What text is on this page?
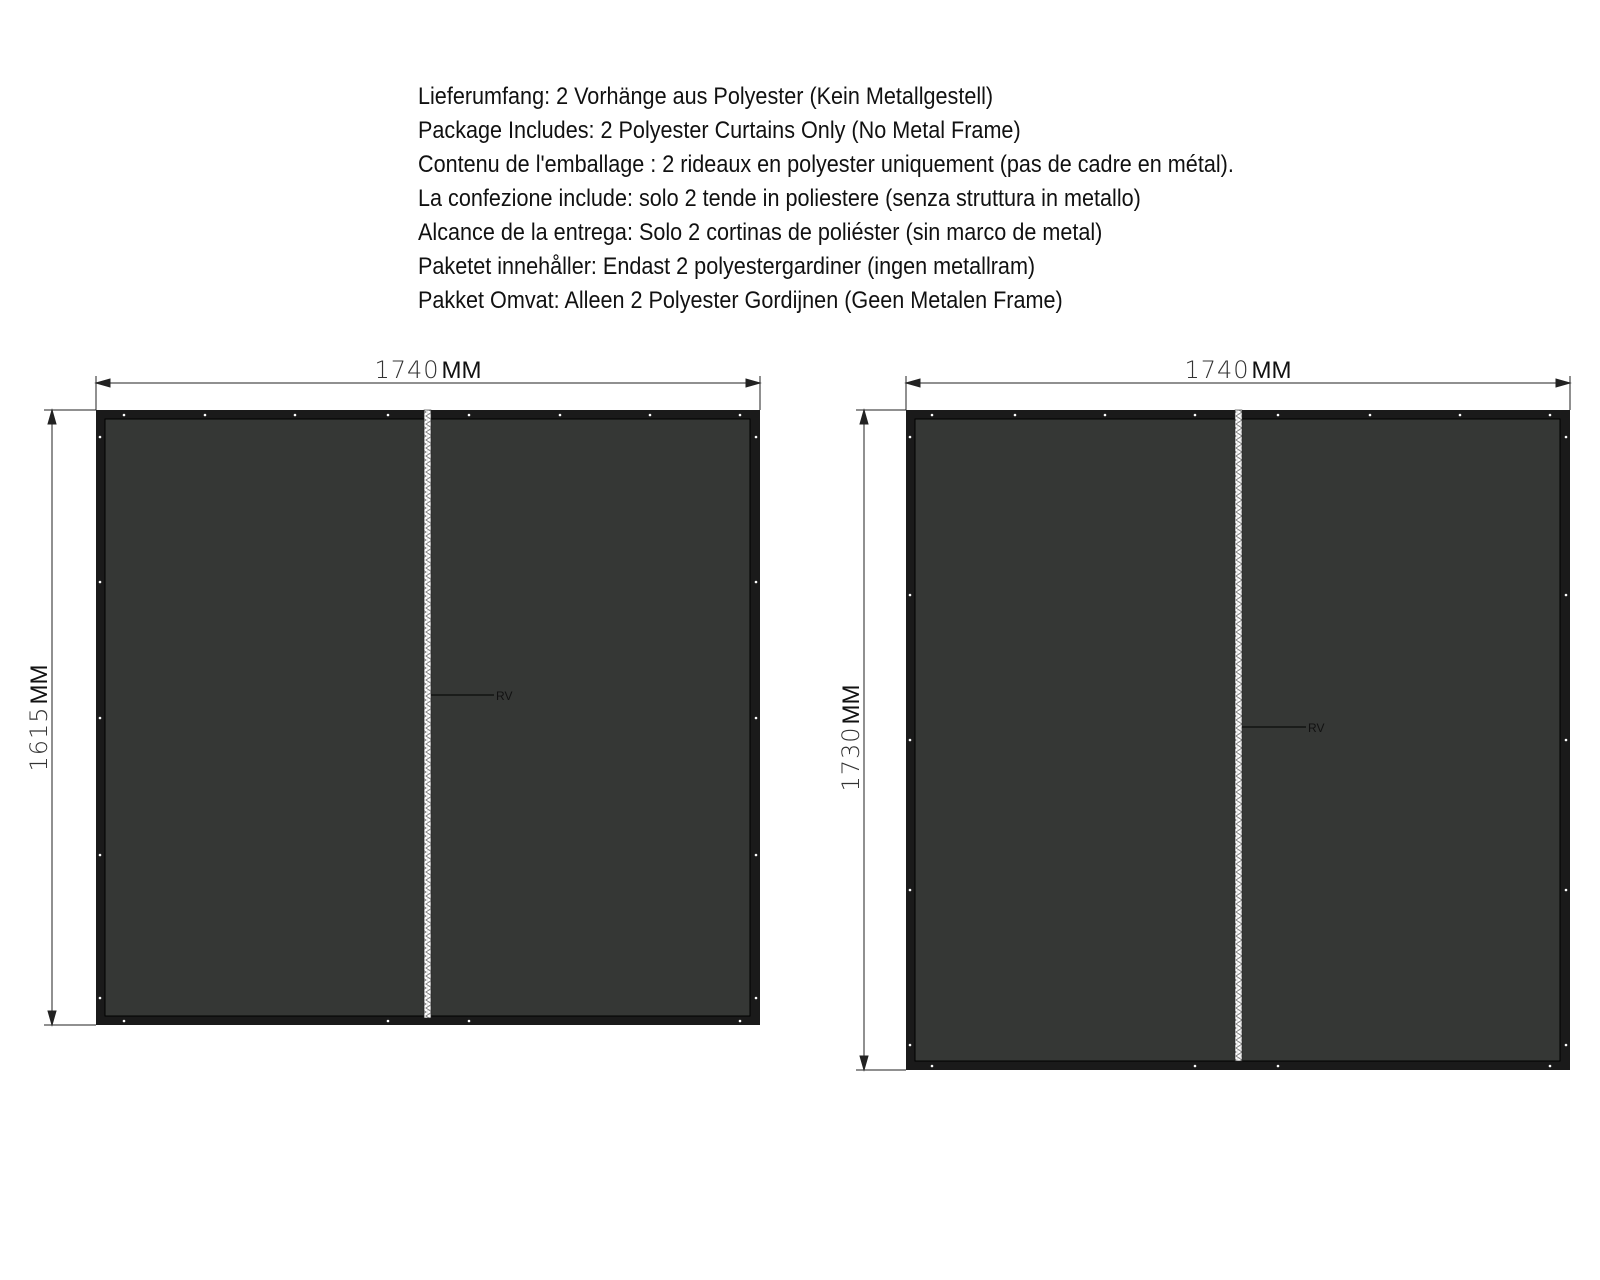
Lieferumfang: 2 Vorhänge aus Polyester (Kein Metallgestell)
Package Includes: 2 Polyester Curtains Only (No Metal Frame)
Contenu de l'emballage : 2 rideaux en polyester uniquement (pas de cadre en métal).
La confezione include: solo 2 tende in poliestere (senza struttura in metallo)
Alcance de la entrega: Solo 2 cortinas de poliéster (sin marco de metal)
Paketet innehåller: Endast 2 polyestergardiner (ingen metallram)
Pakket Omvat: Alleen 2 Polyester Gordijnen (Geen Metalen Frame)
1740MM
1615MM	RV
1740MM
1730MM
RV
